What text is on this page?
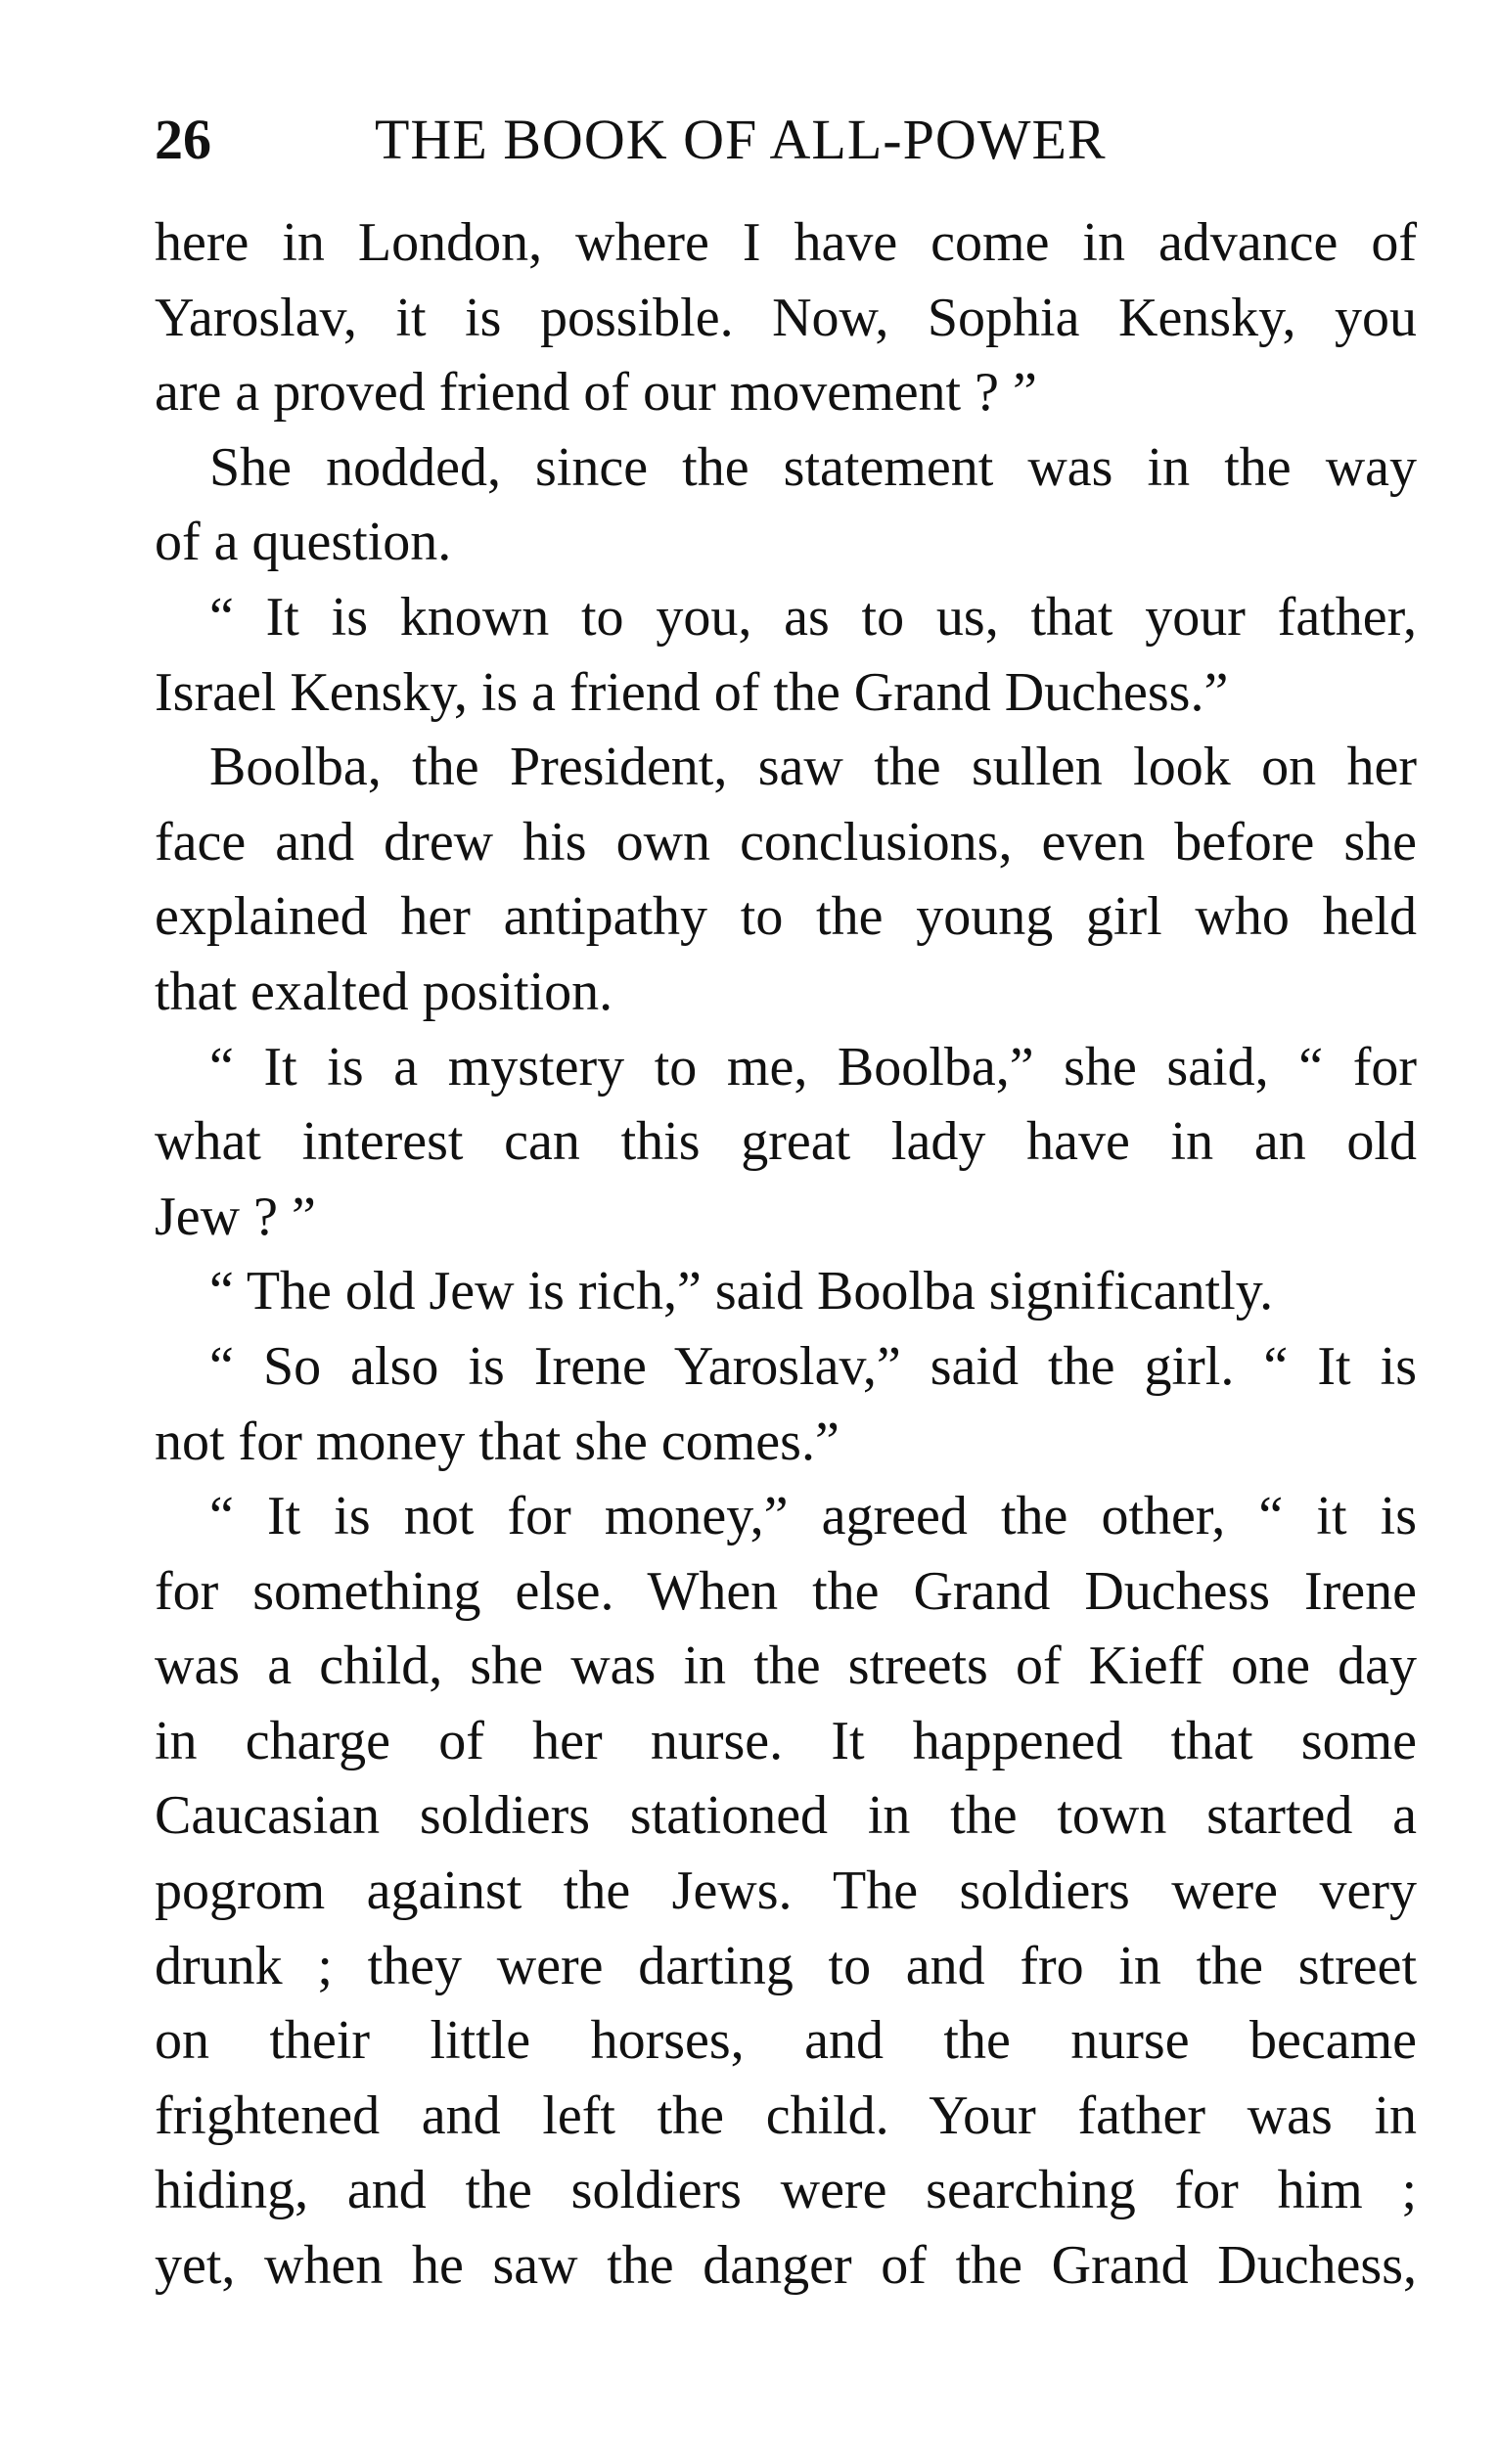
26	THE BOOK OF ALL-POWER
here in London, where I have come in advance of
Yaroslav, it is possible. Now, Sophia Kensky, you
are a proved friend of our movement ? ”
She nodded, since the statement was in the way
of a question.
“ It is known to you, as to us, that your father,
Israel Kensky, is a friend of the Grand Duchess.”
Boolba, the President, saw the sullen look on her
face and drew his own conclusions, even before she
explained her antipathy to the young girl who held
that exalted position.
“ It is a mystery to me, Boolba,” she said, “ for
what interest can this great lady have in an old
Jew ? ”
“ The old Jew is rich,” said Boolba significantly.
“ So also is Irene Yaroslav,” said the girl. “ It is
not for money that she comes.”
“ It is not for money,” agreed the other, “ it is
for something else. When the Grand Duchess Irene
was a child, she was in the streets of Kieff one day
in charge of her nurse. It happened that some
Caucasian soldiers stationed in the town started a
pogrom against the Jews. The soldiers were very
drunk ; they were darting to and fro in the street
on their little horses, and the nurse became
frightened and left the child. Your father was in
hiding, and the soldiers were searching for him ;
yet, when he saw the danger of the Grand Duchess,
